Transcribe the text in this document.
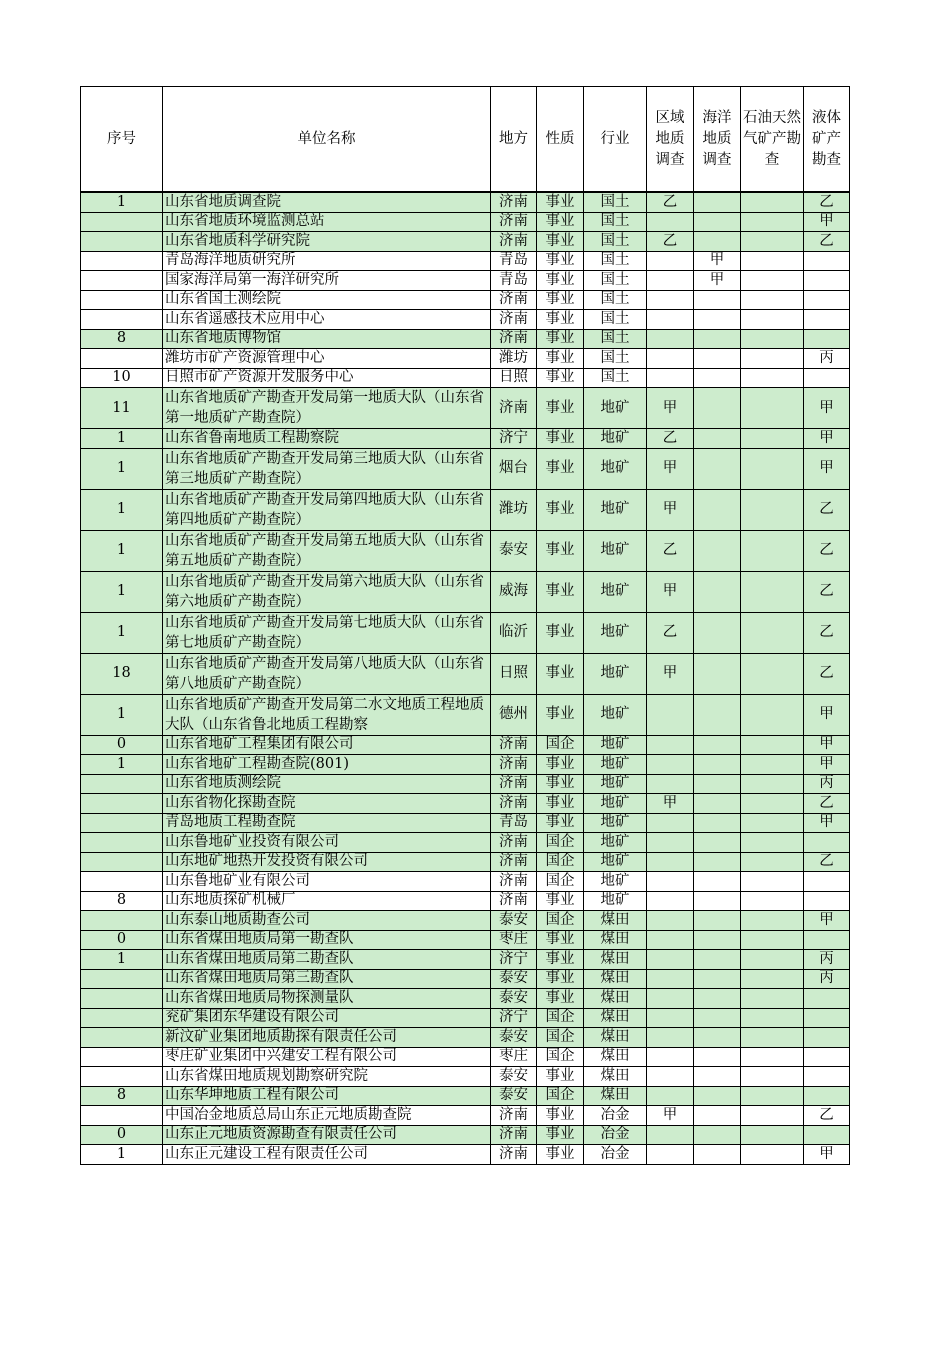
序号	单位名称	地方	性质	行业	区域地质调查	海洋地质调查	石油天然气矿产勘查	液体矿产勘查
1	山东省地质调查院	济南	事业	国土	乙			乙
	山东省地质环境监测总站	济南	事业	国土				甲
	山东省地质科学研究院	济南	事业	国土	乙			乙
	青岛海洋地质研究所	青岛	事业	国土		甲		
	国家海洋局第一海洋研究所	青岛	事业	国土		甲		
	山东省国土测绘院	济南	事业	国土				
	山东省遥感技术应用中心	济南	事业	国土				
8	山东省地质博物馆	济南	事业	国土				
	潍坊市矿产资源管理中心	潍坊	事业	国土				丙
10	日照市矿产资源开发服务中心	日照	事业	国土				
11	山东省地质矿产勘查开发局第一地质大队（山东省第一地质矿产勘查院）	济南	事业	地矿	甲			甲
1	山东省鲁南地质工程勘察院	济宁	事业	地矿	乙			甲
1	山东省地质矿产勘查开发局第三地质大队（山东省第三地质矿产勘查院）	烟台	事业	地矿	甲			甲
1	山东省地质矿产勘查开发局第四地质大队（山东省第四地质矿产勘查院）	潍坊	事业	地矿	甲			乙
1	山东省地质矿产勘查开发局第五地质大队（山东省第五地质矿产勘查院）	泰安	事业	地矿	乙			乙
1	山东省地质矿产勘查开发局第六地质大队（山东省第六地质矿产勘查院）	威海	事业	地矿	甲			乙
1	山东省地质矿产勘查开发局第七地质大队（山东省第七地质矿产勘查院）	临沂	事业	地矿	乙			乙
18	山东省地质矿产勘查开发局第八地质大队（山东省第八地质矿产勘查院）	日照	事业	地矿	甲			乙
1	山东省地质矿产勘查开发局第二水文地质工程地质大队（山东省鲁北地质工程勘察	德州	事业	地矿				甲
0	山东省地矿工程集团有限公司	济南	国企	地矿				甲
1	山东省地矿工程勘查院(801)	济南	事业	地矿				甲
	山东省地质测绘院	济南	事业	地矿				丙
	山东省物化探勘查院	济南	事业	地矿	甲			乙
	青岛地质工程勘查院	青岛	事业	地矿				甲
	山东鲁地矿业投资有限公司	济南	国企	地矿				
	山东地矿地热开发投资有限公司	济南	国企	地矿				乙
	山东鲁地矿业有限公司	济南	国企	地矿				
8	山东地质探矿机械厂	济南	事业	地矿				
	山东泰山地质勘查公司	泰安	国企	煤田				甲
0	山东省煤田地质局第一勘查队	枣庄	事业	煤田				
1	山东省煤田地质局第二勘查队	济宁	事业	煤田				丙
	山东省煤田地质局第三勘查队	泰安	事业	煤田				丙
	山东省煤田地质局物探测量队	泰安	事业	煤田				
	兖矿集团东华建设有限公司	济宁	国企	煤田				
	新汶矿业集团地质勘探有限责任公司	泰安	国企	煤田				
	枣庄矿业集团中兴建安工程有限公司	枣庄	国企	煤田				
	山东省煤田地质规划勘察研究院	泰安	事业	煤田				
8	山东华坤地质工程有限公司	泰安	国企	煤田				
	中国冶金地质总局山东正元地质勘查院	济南	事业	冶金	甲			乙
0	山东正元地质资源勘查有限责任公司	济南	事业	冶金				
1	山东正元建设工程有限责任公司	济南	事业	冶金				甲
